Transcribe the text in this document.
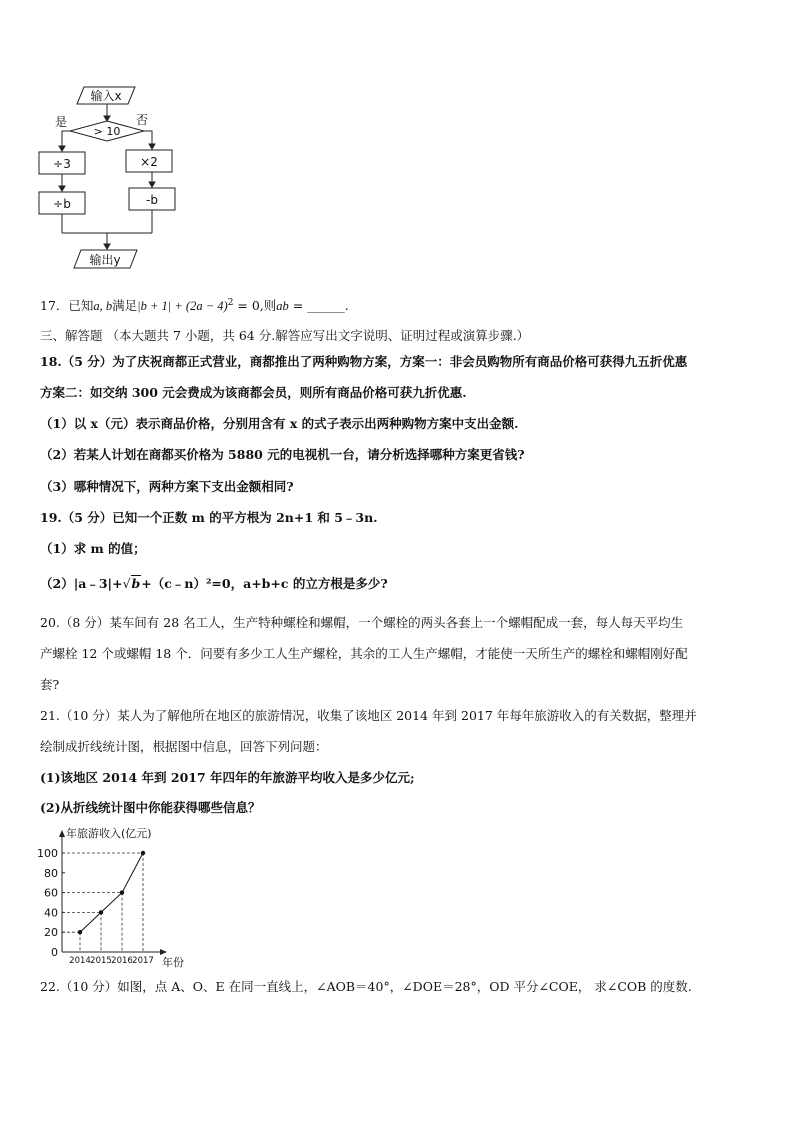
输入x
> 10
是	否
÷3
÷b
×2
-b
输出y
17．已知a, b满足$|b + 1| + (2a - 4)^2 = 0$,则ab = ______.
三、解答题 （本大题共 7 小题，共 64 分.解答应写出文字说明、证明过程或演算步骤.）
18.（5 分）为了庆祝商都正式营业，商都推出了两种购物方案，方案一：非会员购物所有商品价格可获得九五折优惠
方案二：如交纳 300 元会费成为该商都会员，则所有商品价格可获九折优惠.
（1）以 x（元）表示商品价格，分别用含有 x 的式子表示出两种购物方案中支出金额.
（2）若某人计划在商都买价格为 5880 元的电视机一台，请分析选择哪种方案更省钱?
（3）哪种情况下，两种方案下支出金额相同?
19.（5 分）已知一个正数 m 的平方根为 2n+1 和 5﹣3n.
（1）求 m 的值；
（2）|a﹣3|+√b+（c﹣n）²=0，a+b+c 的立方根是多少?
20.（8 分）某车间有 28 名工人，生产特种螺栓和螺帽，一个螺栓的两头各套上一个螺帽配成一套，每人每天平均生
产螺栓 12 个或螺帽 18 个．问要有多少工人生产螺栓，其余的工人生产螺帽，才能使一天所生产的螺栓和螺帽刚好配
套?
21.（10 分）某人为了解他所在地区的旅游情况，收集了该地区 2014 年到 2017 年每年旅游收入的有关数据，整理并
绘制成折线统计图，根据图中信息，回答下列问题：
(1)该地区 2014 年到 2017 年四年的年旅游平均收入是多少亿元;
(2)从折线统计图中你能获得哪些信息？
年旅游收入(亿元)
年份
0
20
40
60
80
100
2014 2015 2016 2017
22.（10 分）如图，点 A、O、E 在同一直线上，∠AOB＝40°，∠DOE＝28°，OD 平分∠COE， 求∠COB 的度数.
